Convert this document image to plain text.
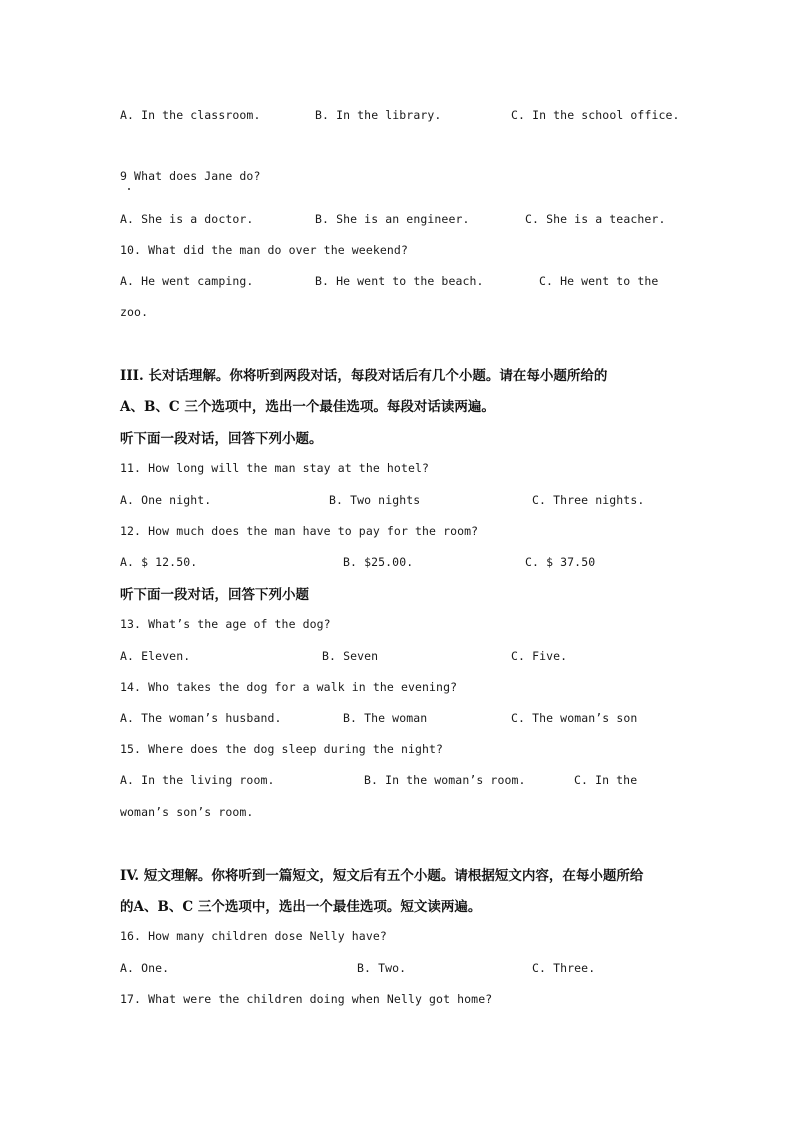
A. In the classroom.	B. In the library.	C. In the school office.
9 What does Jane do?
A. She is a doctor.	B. She is an engineer.	C. She is a teacher.
10. What did the man do over the weekend?
A. He went camping.	B. He went to the beach.	C. He went to the
zoo.
III. 长对话理解。你将听到两段对话，每段对话后有几个小题。请在每小题所给的
A、B、C 三个选项中，选出一个最佳选项。每段对话读两遍。
听下面一段对话，回答下列小题。
11. How long will the man stay at the hotel?
A. One night.	B. Two nights	C. Three nights.
12. How much does the man have to pay for the room?
A. $ 12.50.	B. $25.00.	C. $ 37.50
听下面一段对话，回答下列小题
13. What’s the age of the dog?
A. Eleven.	B. Seven	C. Five.
14. Who takes the dog for a walk in the evening?
A. The woman’s husband.	B. The woman	C. The woman’s son
15. Where does the dog sleep during the night?
A. In the living room.	B. In the woman’s room.	C. In the
woman’s son’s room.
IV. 短文理解。你将听到一篇短文，短文后有五个小题。请根据短文内容，在每小题所给
的A、B、C 三个选项中，选出一个最佳选项。短文读两遍。
16. How many children dose Nelly have?
A. One.	B. Two.	C. Three.
17. What were the children doing when Nelly got home?
